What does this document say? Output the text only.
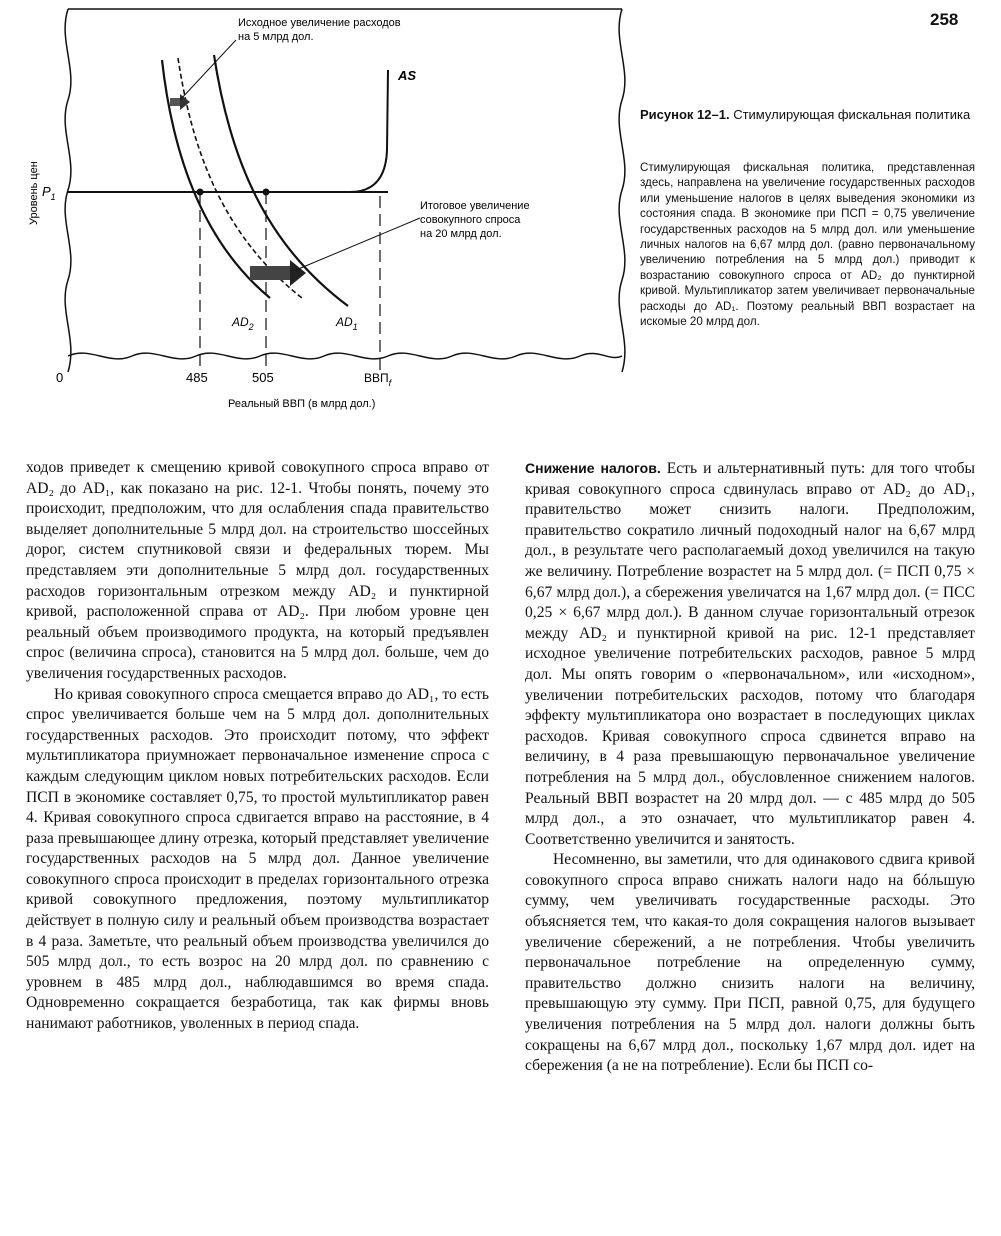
258
Исходное увеличение расходов
на 5 млрд дол.
Итоговое увеличение
совокупного спроса
на 20 млрд дол.
AS
$AD_2$	$AD_1$
$P_1$
Уровень цен
0	485	505	$ВВП_f$
Реальный ВВП (в млрд дол.)
Рисунок 12–1. Стимулирующая фискальная политика
Стимулирующая фискальная политика, представленная здесь, направлена на увеличение государственных расходов или уменьшение налогов в целях выведения экономики из состояния спада. В экономике при ПСП = 0,75 увеличение государственных расходов на 5 млрд дол. или уменьшение личных налогов на 6,67 млрд дол. (равно первоначальному увеличению потребления на 5 млрд дол.) приводит к возрастанию совокупного спроса от AD₂ до пунктирной кривой. Мультипликатор затем увеличивает первоначальные расходы до AD₁. Поэтому реальный ВВП возрастает на искомые 20 млрд дол.

ходов приведет к смещению кривой совокупного спроса вправо от AD₂ до AD₁, как показано на рис. 12-1. Чтобы понять, почему это происходит, предположим, что для ослабления спада правительство выделяет дополнительные 5 млрд дол. на строительство шоссейных дорог, систем спутниковой связи и федеральных тюрем. Мы представляем эти дополнительные 5 млрд дол. государственных расходов горизонтальным отрезком между AD₂ и пунктирной кривой, расположенной справа от AD₂. При любом уровне цен реальный объем производимого продукта, на который предъявлен спрос (величина спроса), становится на 5 млрд дол. больше, чем до увеличения государственных расходов.

Но кривая совокупного спроса смещается вправо до AD₁, то есть спрос увеличивается больше чем на 5 млрд дол. дополнительных государственных расходов. Это происходит потому, что эффект мультипликатора приумножает первоначальное изменение спроса с каждым следующим циклом новых потребительских расходов. Если ПСП в экономике составляет 0,75, то простой мультипликатор равен 4. Кривая совокупного спроса сдвигается вправо на расстояние, в 4 раза превышающее длину отрезка, который представляет увеличение государственных расходов на 5 млрд дол. Данное увеличение совокупного спроса происходит в пределах горизонтального отрезка кривой совокупного предложения, поэтому мультипликатор действует в полную силу и реальный объем производства возрастает в 4 раза. Заметьте, что реальный объем производства увеличился до 505 млрд дол., то есть возрос на 20 млрд дол. по сравнению с уровнем в 485 млрд дол., наблюдавшимся во время спада. Одновременно сокращается безработица, так как фирмы вновь нанимают работников, уволенных в период спада.

Снижение налогов. Есть и альтернативный путь: для того чтобы кривая совокупного спроса сдвинулась вправо от AD₂ до AD₁, правительство может снизить налоги. Предположим, правительство сократило личный подоходный налог на 6,67 млрд дол., в результате чего располагаемый доход увеличился на такую же величину. Потребление возрастет на 5 млрд дол. (= ПСП 0,75 × 6,67 млрд дол.), а сбережения увеличатся на 1,67 млрд дол. (= ПСС 0,25 × 6,67 млрд дол.). В данном случае горизонтальный отрезок между AD₂ и пунктирной кривой на рис. 12-1 представляет исходное увеличение потребительских расходов, равное 5 млрд дол. Мы опять говорим о «первоначальном», или «исходном», увеличении потребительских расходов, потому что благодаря эффекту мультипликатора оно возрастает в последующих циклах расходов. Кривая совокупного спроса сдвинется вправо на величину, в 4 раза превышающую первоначальное увеличение потребления на 5 млрд дол., обусловленное снижением налогов. Реальный ВВП возрастет на 20 млрд дол. — с 485 млрд до 505 млрд дол., а это означает, что мультипликатор равен 4. Соответственно увеличится и занятость.

Несомненно, вы заметили, что для одинакового сдвига кривой совокупного спроса вправо снижать налоги надо на бóльшую сумму, чем увеличивать государственные расходы. Это объясняется тем, что какая-то доля сокращения налогов вызывает увеличение сбережений, а не потребления. Чтобы увеличить первоначальное потребление на определенную сумму, правительство должно снизить налоги на величину, превышающую эту сумму. При ПСП, равной 0,75, для будущего увеличения потребления на 5 млрд дол. налоги должны быть сокращены на 6,67 млрд дол., поскольку 1,67 млрд дол. идет на сбережения (а не на потребление). Если бы ПСП со-
